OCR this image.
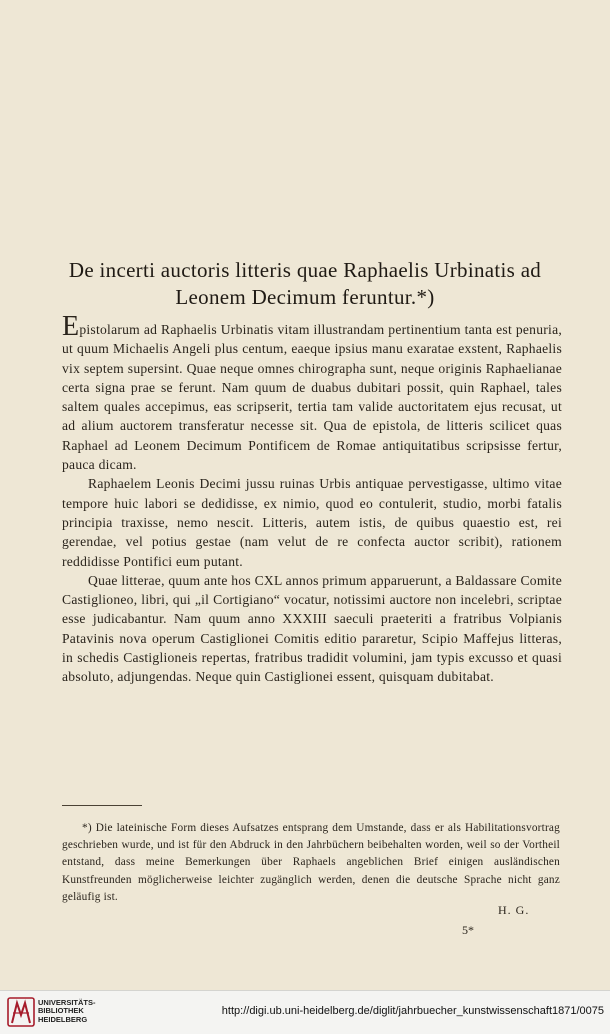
De incerti auctoris litteris quae Raphaelis Urbinatis ad
Leonem Decimum feruntur.*)

Epistolarum ad Raphaelis Urbinatis vitam illustrandam pertinentium tanta est penuria, ut quum Michaelis Angeli plus centum, eaeque ipsius manu exaratae exstent, Raphaelis vix septem supersint. Quae neque omnes chirographa sunt, neque originis Raphaelianae certa signa prae se ferunt. Nam quum de duabus dubitari possit, quin Raphael, tales saltem quales accepimus, eas scripserit, tertia tam valide auctoritatem ejus recusat, ut ad alium auctorem transferatur necesse sit. Qua de epistola, de litteris scilicet quas Raphael ad Leonem Decimum Pontificem de Romae antiquitatibus scripsisse fertur, pauca dicam.

Raphaelem Leonis Decimi jussu ruinas Urbis antiquae pervestigasse, ultimo vitae tempore huic labori se dedidisse, ex nimio, quod eo contulerit, studio, morbi fatalis principia traxisse, nemo nescit. Litteris, autem istis, de quibus quaestio est, rei gerendae, vel potius gestae (nam velut de re confecta auctor scribit), rationem reddidisse Pontifici eum putant.

Quae litterae, quum ante hos CXL annos primum apparuerunt, a Baldassare Comite Castiglioneo, libri, qui „il Cortigiano“ vocatur, notissimi auctore non incelebri, scriptae esse judicabantur. Nam quum anno XXXIII saeculi praeteriti a fratribus Volpianis Patavinis nova operum Castiglionei Comitis editio pararetur, Scipio Maffejus litteras, in schedis Castiglioneis repertas, fratribus tradidit volumini, jam typis excusso et quasi absoluto, adjungendas. Neque quin Castiglionei essent, quisquam dubitabat.

*) Die lateinische Form dieses Aufsatzes entsprang dem Umstande, dass er als Habilitationsvortrag geschrieben wurde, und ist für den Abdruck in den Jahrbüchern beibehalten worden, weil so der Vortheil entstand, dass meine Bemerkungen über Raphaels angeblichen Brief einigen ausländischen Kunstfreunden möglicherweise leichter zugänglich werden, denen die deutsche Sprache nicht ganz geläufig ist.

H. G.
5*
UNIVERSITÄTS-
BIBLIOTHEK
HEIDELBERG
http://digi.ub.uni-heidelberg.de/diglit/jahrbuecher_kunstwissenschaft1871/0075
